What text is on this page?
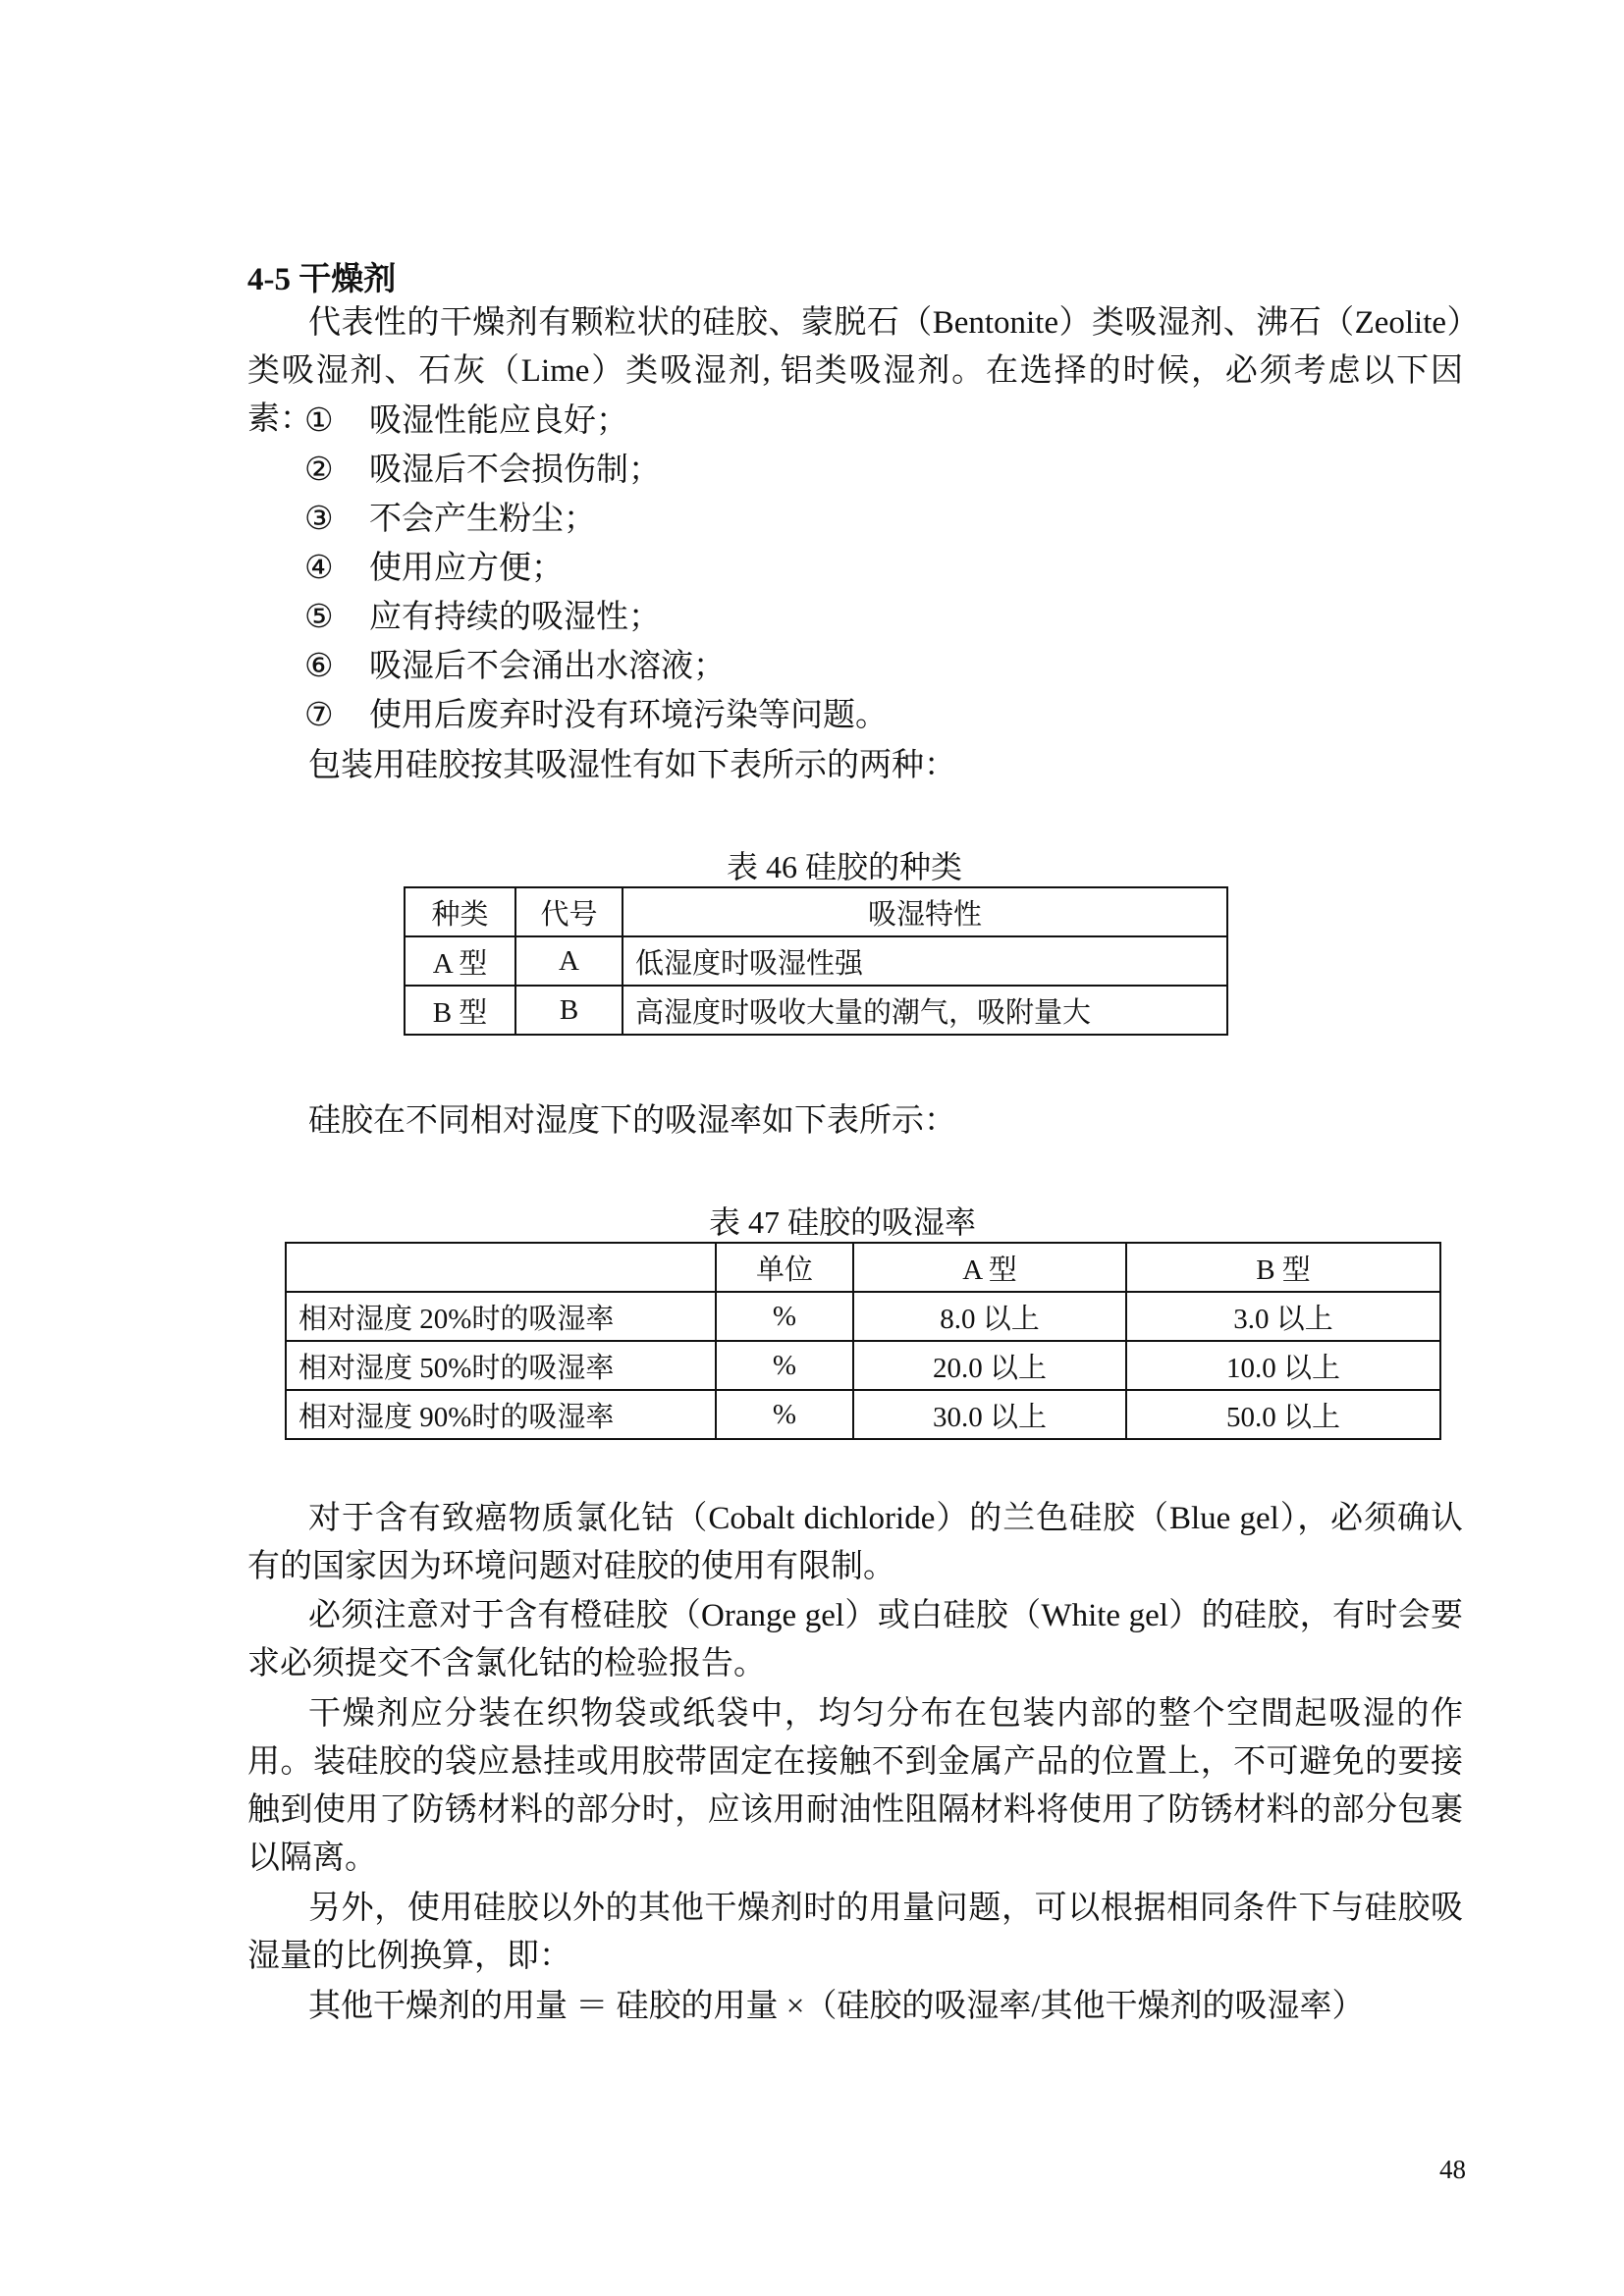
4-5 干燥剂
代表性的干燥剂有颗粒状的硅胶、蒙脱石（Bentonite）类吸湿剂、沸石（Zeolite）类吸湿剂、石灰（Lime）类吸湿剂, 铝类吸湿剂。在选择的时候，必须考虑以下因素：
① 吸湿性能应良好；
② 吸湿后不会损伤制；
③ 不会产生粉尘；
④ 使用应方便；
⑤ 应有持续的吸湿性；
⑥ 吸湿后不会涌出水溶液；
⑦ 使用后废弃时没有环境污染等问题。
包装用硅胶按其吸湿性有如下表所示的两种：
表 46 硅胶的种类
种类	代号	吸湿特性
A 型	A	低湿度时吸湿性强
B 型	B	高湿度时吸收大量的潮气，吸附量大
硅胶在不同相对湿度下的吸湿率如下表所示：
表 47 硅胶的吸湿率
	单位	A 型	B 型
相对湿度 20%时的吸湿率	%	8.0 以上	3.0 以上
相对湿度 50%时的吸湿率	%	20.0 以上	10.0 以上
相对湿度 90%时的吸湿率	%	30.0 以上	50.0 以上
对于含有致癌物质氯化钴（Cobalt dichloride）的兰色硅胶（Blue gel），必须确认有的国家因为环境问题对硅胶的使用有限制。
必须注意对于含有橙硅胶（Orange gel）或白硅胶（White gel）的硅胶，有时会要求必须提交不含氯化钴的检验报告。
干燥剂应分装在织物袋或纸袋中，均匀分布在包装内部的整个空間起吸湿的作用。装硅胶的袋应悬挂或用胶带固定在接触不到金属产品的位置上，不可避免的要接触到使用了防锈材料的部分时，应该用耐油性阻隔材料将使用了防锈材料的部分包裹以隔离。
另外，使用硅胶以外的其他干燥剂时的用量问题，可以根据相同条件下与硅胶吸湿量的比例换算，即：
其他干燥剂的用量 ＝ 硅胶的用量 ×（硅胶的吸湿率/其他干燥剂的吸湿率）
48
